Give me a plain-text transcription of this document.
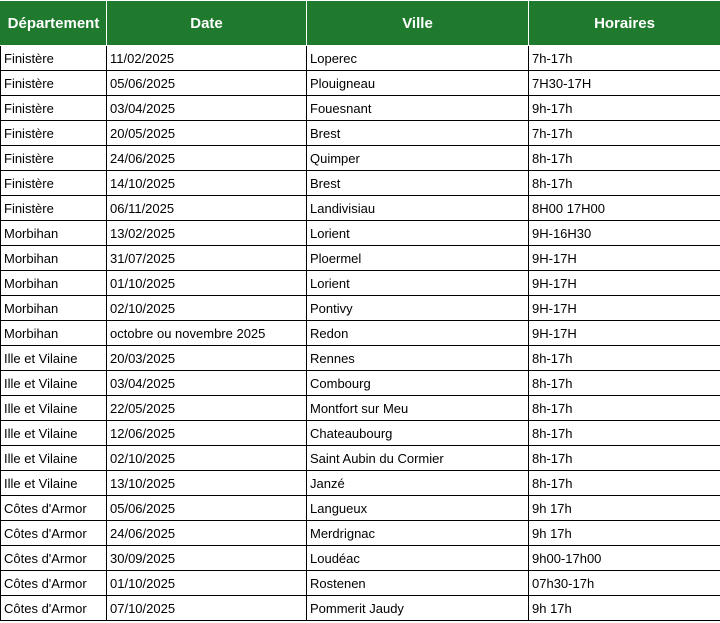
Département	Date	Ville	Horaires
Finistère	11/02/2025	Loperec	7h-17h
Finistère	05/06/2025	Plouigneau	7H30-17H
Finistère	03/04/2025	Fouesnant	9h-17h
Finistère	20/05/2025	Brest	7h-17h
Finistère	24/06/2025	Quimper	8h-17h
Finistère	14/10/2025	Brest	8h-17h
Finistère	06/11/2025	Landivisiau	8H00 17H00
Morbihan	13/02/2025	Lorient	9H-16H30
Morbihan	31/07/2025	Ploermel	9H-17H
Morbihan	01/10/2025	Lorient	9H-17H
Morbihan	02/10/2025	Pontivy	9H-17H
Morbihan	octobre ou novembre 2025	Redon	9H-17H
Ille et Vilaine	20/03/2025	Rennes	8h-17h
Ille et Vilaine	03/04/2025	Combourg	8h-17h
Ille et Vilaine	22/05/2025	Montfort sur Meu	8h-17h
Ille et Vilaine	12/06/2025	Chateaubourg	8h-17h
Ille et Vilaine	02/10/2025	Saint Aubin du Cormier	8h-17h
Ille et Vilaine	13/10/2025	Janzé	8h-17h
Côtes d'Armor	05/06/2025	Langueux	9h 17h
Côtes d'Armor	24/06/2025	Merdrignac	9h 17h
Côtes d'Armor	30/09/2025	Loudéac	9h00-17h00
Côtes d'Armor	01/10/2025	Rostenen	07h30-17h
Côtes d'Armor	07/10/2025	Pommerit Jaudy	9h 17h
